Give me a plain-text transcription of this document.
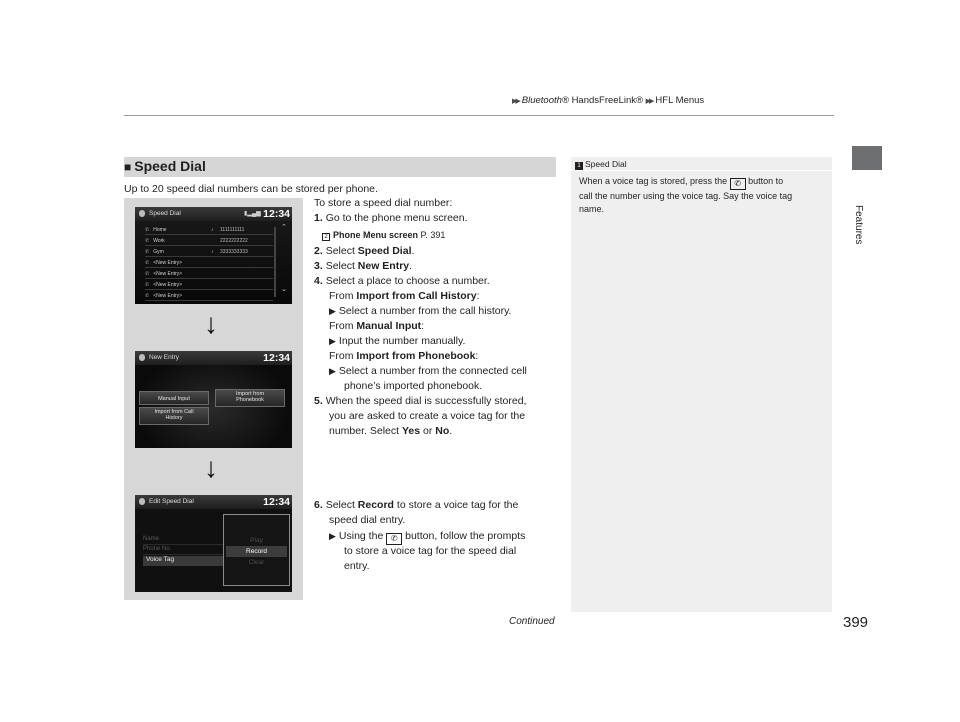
▶▶ Bluetooth® HandsFreeLink® ▶▶ HFL Menus
Features
■ Speed Dial
Up to 20 speed dial numbers can be stored per phone.
Speed Dial	▮▂▄▆ 12:34
⌃
⌄
✆ Home	♪ 1111111111
✆ Work	2222222222
✆ Gym	♪ 3333333333
✆ <New Entry>
✆ <New Entry>
✆ <New Entry>
✆ <New Entry>
↓
New Entry	12:34
Manual Input
Import from Phonebook
Import from Call History
↓
Edit Speed Dial	12:34
Name
Phone No.
Voice Tag
Play
Record
Clear
To store a speed dial number:
1. Go to the phone menu screen.
2 Phone Menu screen P. 391
2. Select Speed Dial.
3. Select New Entry.
4. Select a place to choose a number.
From Import from Call History:
▶ Select a number from the call history.
From Manual Input:
▶ Input the number manually.
From Import from Phonebook:
▶ Select a number from the connected cell
phone’s imported phonebook.
5. When the speed dial is successfully stored,
you are asked to create a voice tag for the
number. Select Yes or No.
6. Select Record to store a voice tag for the
speed dial entry.
▶ Using the ✆ button, follow the prompts
to store a voice tag for the speed dial
entry.
1 Speed Dial
When a voice tag is stored, press the ✆ button to
call the number using the voice tag. Say the voice tag
name.
Continued	399
